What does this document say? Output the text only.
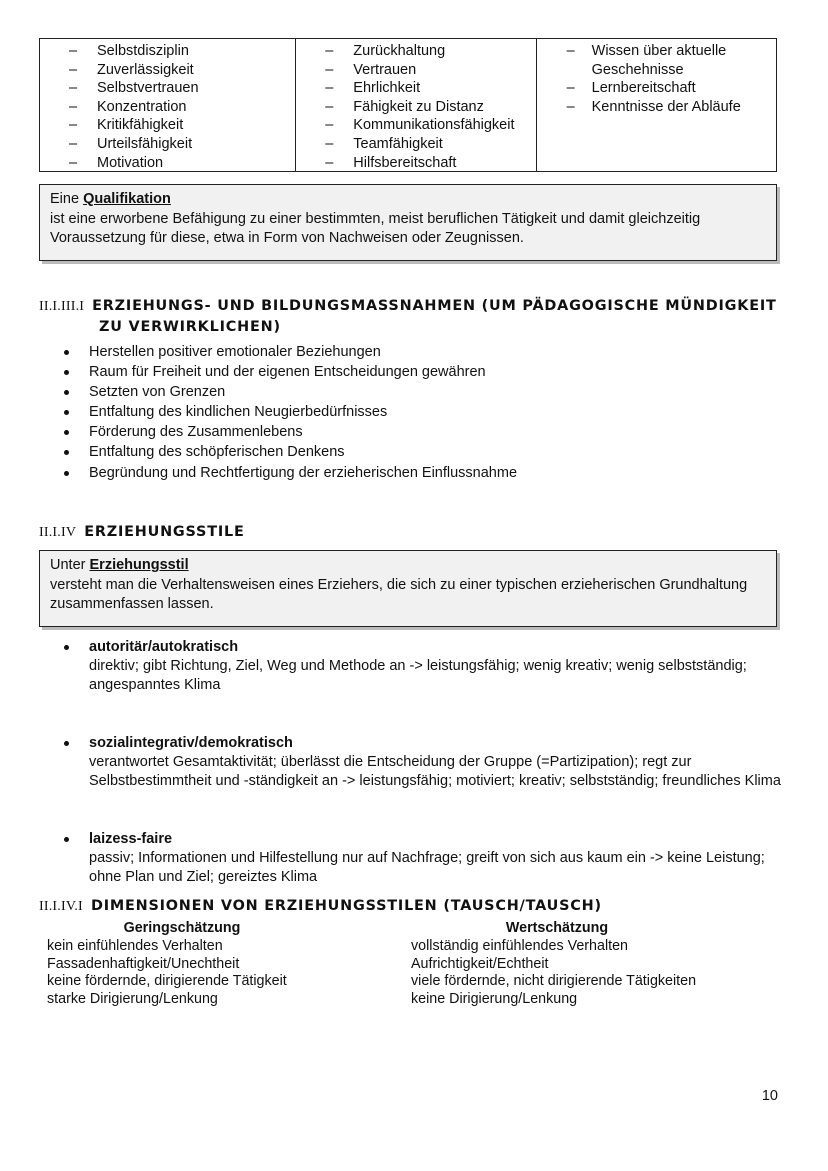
– Selbstdisziplin
– Zuverlässigkeit
– Selbstvertrauen
– Konzentration
– Kritikfähigkeit
– Urteilsfähigkeit
– Motivation
– Zurückhaltung
– Vertrauen
– Ehrlichkeit
– Fähigkeit zu Distanz
– Kommunikationsfähigkeit
– Teamfähigkeit
– Hilfsbereitschaft
– Wissen über aktuelle Geschehnisse
– Lernbereitschaft
– Kenntnisse der Abläufe
Eine Qualifikation
ist eine erworbene Befähigung zu einer bestimmten, meist beruflichen Tätigkeit und damit gleichzeitig Voraussetzung für diese, etwa in Form von Nachweisen oder Zeugnissen.
II.I.III.I ERZIEHUNGS- UND BILDUNGSMASSNAHMEN (UM PÄDAGOGISCHE MÜNDIGKEIT
ZU VERWIRKLICHEN)
Herstellen positiver emotionaler Beziehungen
Raum für Freiheit und der eigenen Entscheidungen gewähren
Setzten von Grenzen
Entfaltung des kindlichen Neugierbedürfnisses
Förderung des Zusammenlebens
Entfaltung des schöpferischen Denkens
Begründung und Rechtfertigung der erzieherischen Einflussnahme
II.I.IV ERZIEHUNGSSTILE
Unter Erziehungsstil
versteht man die Verhaltensweisen eines Erziehers, die sich zu einer typischen erzieherischen Grundhaltung zusammenfassen lassen.
autoritär/autokratisch
direktiv; gibt Richtung, Ziel, Weg und Methode an -> leistungsfähig; wenig kreativ; wenig selbstständig; angespanntes Klima
sozialintegrativ/demokratisch
verantwortet Gesamtaktivität; überlässt die Entscheidung der Gruppe (=Partizipation); regt zur Selbstbestimmtheit und -ständigkeit an -> leistungsfähig; motiviert; kreativ; selbstständig; freundliches Klima
laizess-faire
passiv; Informationen und Hilfestellung nur auf Nachfrage; greift von sich aus kaum ein -> keine Leistung; ohne Plan und Ziel; gereiztes Klima
II.I.IV.I DIMENSIONEN VON ERZIEHUNGSSTILEN (TAUSCH/TAUSCH)
Geringschätzung
kein einfühlendes Verhalten
Fassadenhaftigkeit/Unechtheit
keine fördernde, dirigierende Tätigkeit
starke Dirigierung/Lenkung
Wertschätzung
vollständig einfühlendes Verhalten
Aufrichtigkeit/Echtheit
viele fördernde, nicht dirigierende Tätigkeiten
keine Dirigierung/Lenkung
10
